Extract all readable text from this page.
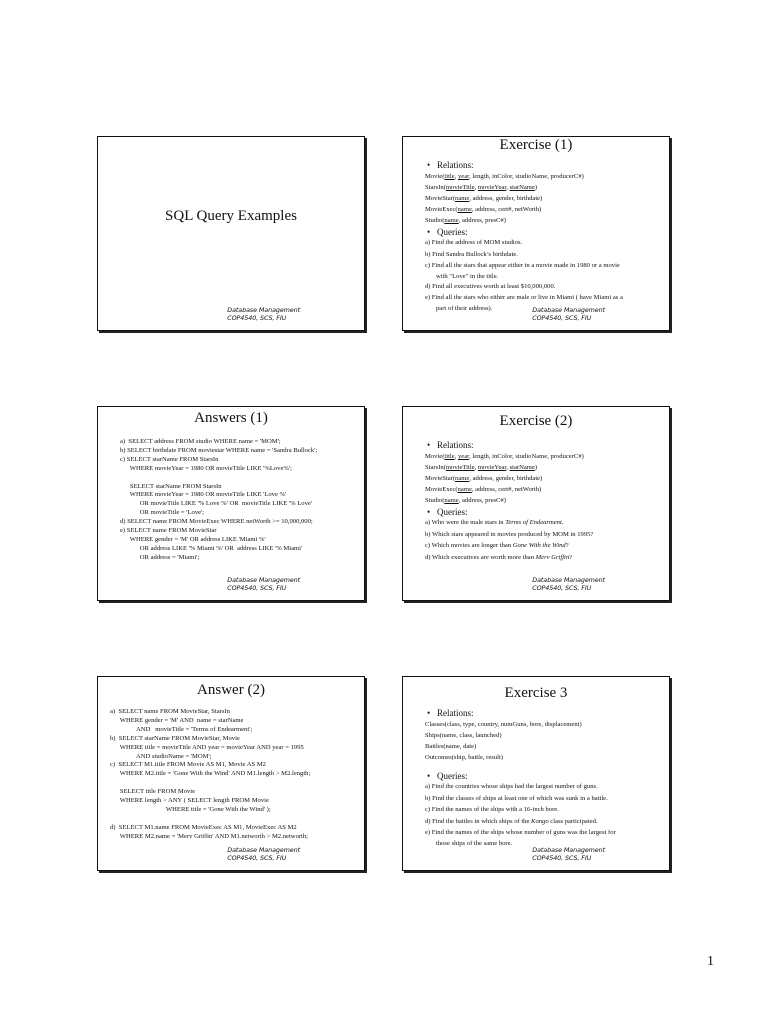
SQL Query Examples
Database Management
COP4540, SCS, FIU
Exercise (1)
• Relations:
Movie(title, year, length, inColor, studioName, producerC#)
StarsIn(movieTitle, movieYear, starName)
MovieStar(name, address, gender, birthdate)
MovieExec(name, address, cert#, netWorth)
Studio(name, address, presC#)
• Queries:
a) Find the address of MOM studios.
b) Find Sandra Bullock’s birthdate.
c) Find all the stars that appear either in a movie made in 1980 or a movie
with "Love" in the title.
d) Find all executives worth at least $10,000,000.
e) Find all the stars who either are male or live in Miami ( have Miami as a
part of their address).	Database Management
COP4540, SCS, FIU
Answers (1)
a)  SELECT address FROM studio WHERE name = 'MOM';
b) SELECT birthdate FROM moviestar WHERE name = 'Sandra Bullock';
c) SELECT starName FROM StarsIn
WHERE movieYear = 1980 OR movieTitle LIKE '%Love%';

SELECT starName FROM StarsIn
WHERE movieYear = 1980 OR movieTitle LIKE 'Love %'
OR movieTitle LIKE '% Love %' OR  movieTitle LIKE '% Love'
OR movieTitle = 'Love';
d) SELECT name FROM MovieExec WHERE netWorth >= 10,000,000;
e) SELECT name FROM MovieStar
WHERE gender = 'M' OR address LIKE 'Miami %'
OR address LIKE '% Miami %' OR  address LIKE '% Miami'
OR address = 'Miami';
Database Management
COP4540, SCS, FIU
Exercise (2)
• Relations:
Movie(title, year, length, inColor, studioName, producerC#)
StarsIn(movieTitle, movieYear, starName)
MovieStar(name, address, gender, birthdate)
MovieExec(name, address, cert#, netWorth)
Studio(name, address, presC#)
• Queries:
a) Who were the male stars in Terms of Endearment.
b) Which stars appeared in movies produced by MOM in 1995?
c) Which movies are longer than Gone With the Wind?
d) Which executives are worth more than Merv Griffin?
Database Management
COP4540, SCS, FIU
Answer (2)
a)  SELECT name FROM MovieStar, StarsIn
WHERE gender = 'M' AND  name = starName
AND   movieTitle = 'Terms of Endearment';
b)  SELECT starName FROM MovieStar, Movie
WHERE title = movieTitle AND year = movieYear AND year = 1995
AND studioName = 'MOM';
c)  SELECT M1.title FROM Movie AS M1, Movie AS M2
WHERE M2.title = 'Gone With the Wind' AND M1.length > M2.length;

SELECT title FROM Movie
WHERE length > ANY ( SELECT length FROM Movie
WHERE title = 'Gone With the Wind' );

d)  SELECT M1.name FROM MovieExec AS M1, MovieExec AS M2
WHERE M2.name = 'Merv Griffin' AND M1.networth > M2.networth;
Database Management
COP4540, SCS, FIU
Exercise 3
• Relations:
Classes(class, type, country, numGuns, bore, displacement)
Ships(name, class, launched)
Battles(name, date)
Outcomes(ship, battle, result)
• Queries:
a) Find the countries whose ships had the largest number of guns.
b) Find the classes of ships at least one of which was sunk in a battle.
c) Find the names of the ships with a 16-inch bore.
d) Find the battles in which ships of the Kongo class participated.
e) Find the names of the ships whose number of guns was the largest for
those ships of the same bore.
Database Management
COP4540, SCS, FIU
1
